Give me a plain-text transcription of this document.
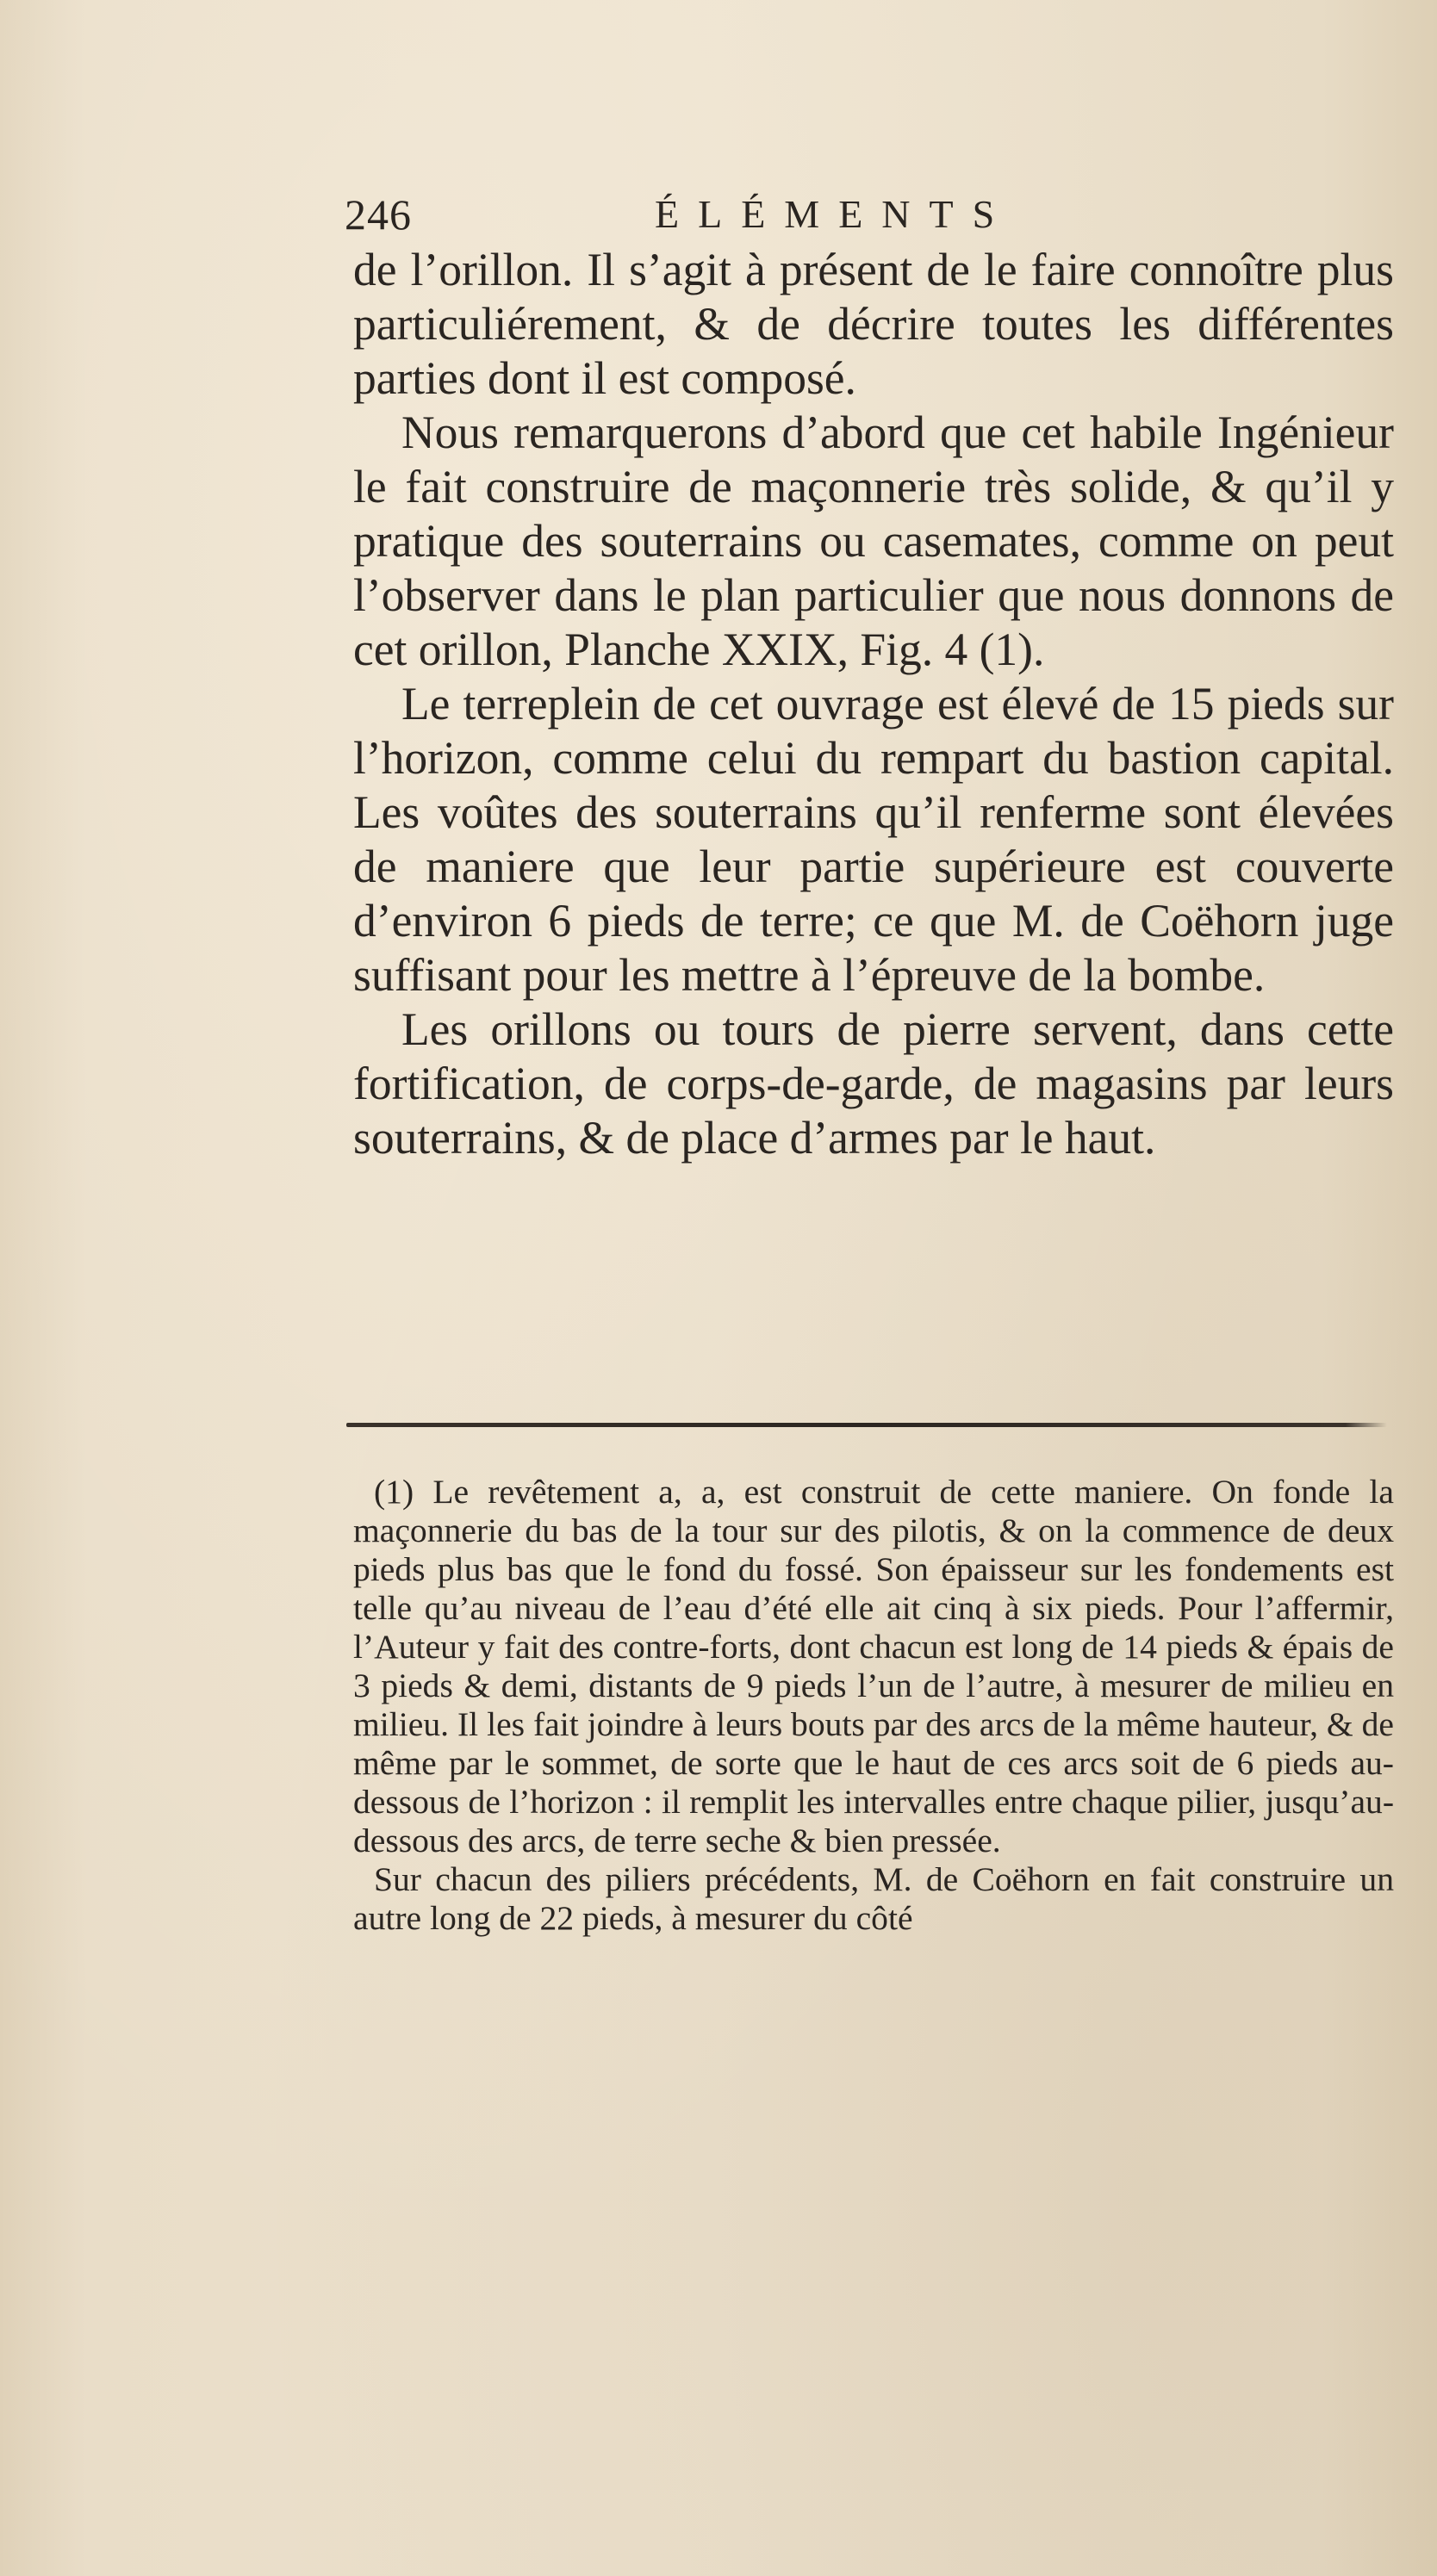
246	ÉLÉMENTS

de l’orillon. Il s’agit à présent de le faire connoître plus particuliérement, & de décrire toutes les différentes parties dont il est composé.

Nous remarquerons d’abord que cet habile Ingénieur le fait construire de maçonnerie très solide, & qu’il y pratique des souterrains ou casemates, comme on peut l’observer dans le plan particulier que nous donnons de cet orillon, Planche XXIX, Fig. 4 (1).

Le terreplein de cet ouvrage est élevé de 15 pieds sur l’horizon, comme celui du rempart du bastion capital. Les voûtes des souterrains qu’il renferme sont élevées de maniere que leur partie supérieure est couverte d’environ 6 pieds de terre; ce que M. de Coëhorn juge suffisant pour les mettre à l’épreuve de la bombe.

Les orillons ou tours de pierre servent, dans cette fortification, de corps-de-garde, de magasins par leurs souterrains, & de place d’armes par le haut.

(1) Le revêtement a, a, est construit de cette maniere. On fonde la maçonnerie du bas de la tour sur des pilotis, & on la commence de deux pieds plus bas que le fond du fossé. Son épaisseur sur les fondements est telle qu’au niveau de l’eau d’été elle ait cinq à six pieds. Pour l’affermir, l’Auteur y fait des contre-forts, dont chacun est long de 14 pieds & épais de 3 pieds & demi, distants de 9 pieds l’un de l’autre, à mesurer de milieu en milieu. Il les fait joindre à leurs bouts par des arcs de la même hauteur, & de même par le sommet, de sorte que le haut de ces arcs soit de 6 pieds au-dessous de l’horizon : il remplit les intervalles entre chaque pilier, jusqu’au-dessous des arcs, de terre seche & bien pressée.

Sur chacun des piliers précédents, M. de Coëhorn en fait construire un autre long de 22 pieds, à mesurer du côté
